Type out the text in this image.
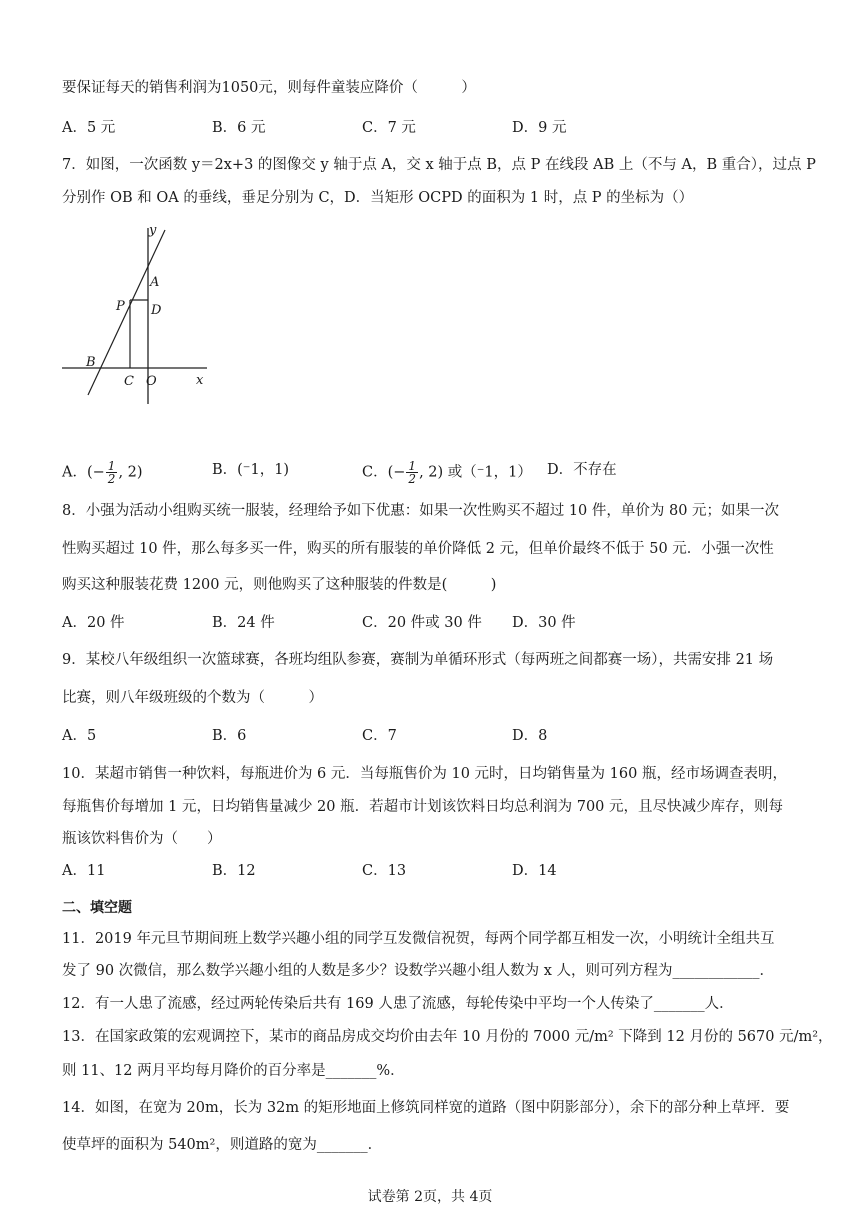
要保证每天的销售利润为1050元，则每件童装应降价（　　　）
A．5 元	B．6 元	C．7 元	D．9 元
7．如图，一次函数 y＝2x+3 的图像交 y 轴于点 A，交 x 轴于点 B，点 P 在线段 AB 上（不与 A，B 重合），过点 P
分别作 OB 和 OA 的垂线，垂足分别为 C，D．当矩形 OCPD 的面积为 1 时，点 P 的坐标为（）
y
x
A
P D
B
C O
A．(− $\frac{1}{2}$ , 2)	B．(⁻1，1)	C．(− $\frac{1}{2}$ , 2) 或（⁻1，1） D．不存在
8．小强为活动小组购买统一服装，经理给予如下优惠：如果一次性购买不超过 10 件，单价为 80 元；如果一次
性购买超过 10 件，那么每多买一件，购买的所有服装的单价降低 2 元，但单价最终不低于 50 元．小强一次性
购买这种服装花费 1200 元，则他购买了这种服装的件数是(　　　)
A．20 件	B．24 件	C．20 件或 30 件 D．30 件
9．某校八年级组织一次篮球赛，各班均组队参赛，赛制为单循环形式（每两班之间都赛一场），共需安排 21 场
比赛，则八年级班级的个数为（　　　）
A．5	B．6	C．7	D．8
10．某超市销售一种饮料，每瓶进价为 6 元．当每瓶售价为 10 元时，日均销售量为 160 瓶，经市场调查表明，
每瓶售价每增加 1 元，日均销售量减少 20 瓶．若超市计划该饮料日均总利润为 700 元，且尽快减少库存，则每
瓶该饮料售价为（　　）
A．11	B．12	C．13	D．14
二、填空题
11．2019 年元旦节期间班上数学兴趣小组的同学互发微信祝贺，每两个同学都互相发一次，小明统计全组共互
发了 90 次微信，那么数学兴趣小组的人数是多少？设数学兴趣小组人数为 x 人，则可列方程为____________．
12．有一人患了流感，经过两轮传染后共有 169 人患了流感，每轮传染中平均一个人传染了_______人．
13．在国家政策的宏观调控下，某市的商品房成交均价由去年 10 月份的 7000 元/m² 下降到 12 月份的 5670 元/m²，
则 11、12 两月平均每月降价的百分率是_______%．
14．如图，在宽为 20m，长为 32m 的矩形地面上修筑同样宽的道路（图中阴影部分），余下的部分种上草坪．要
使草坪的面积为 540m²，则道路的宽为_______．
试卷第 2页，共 4页
